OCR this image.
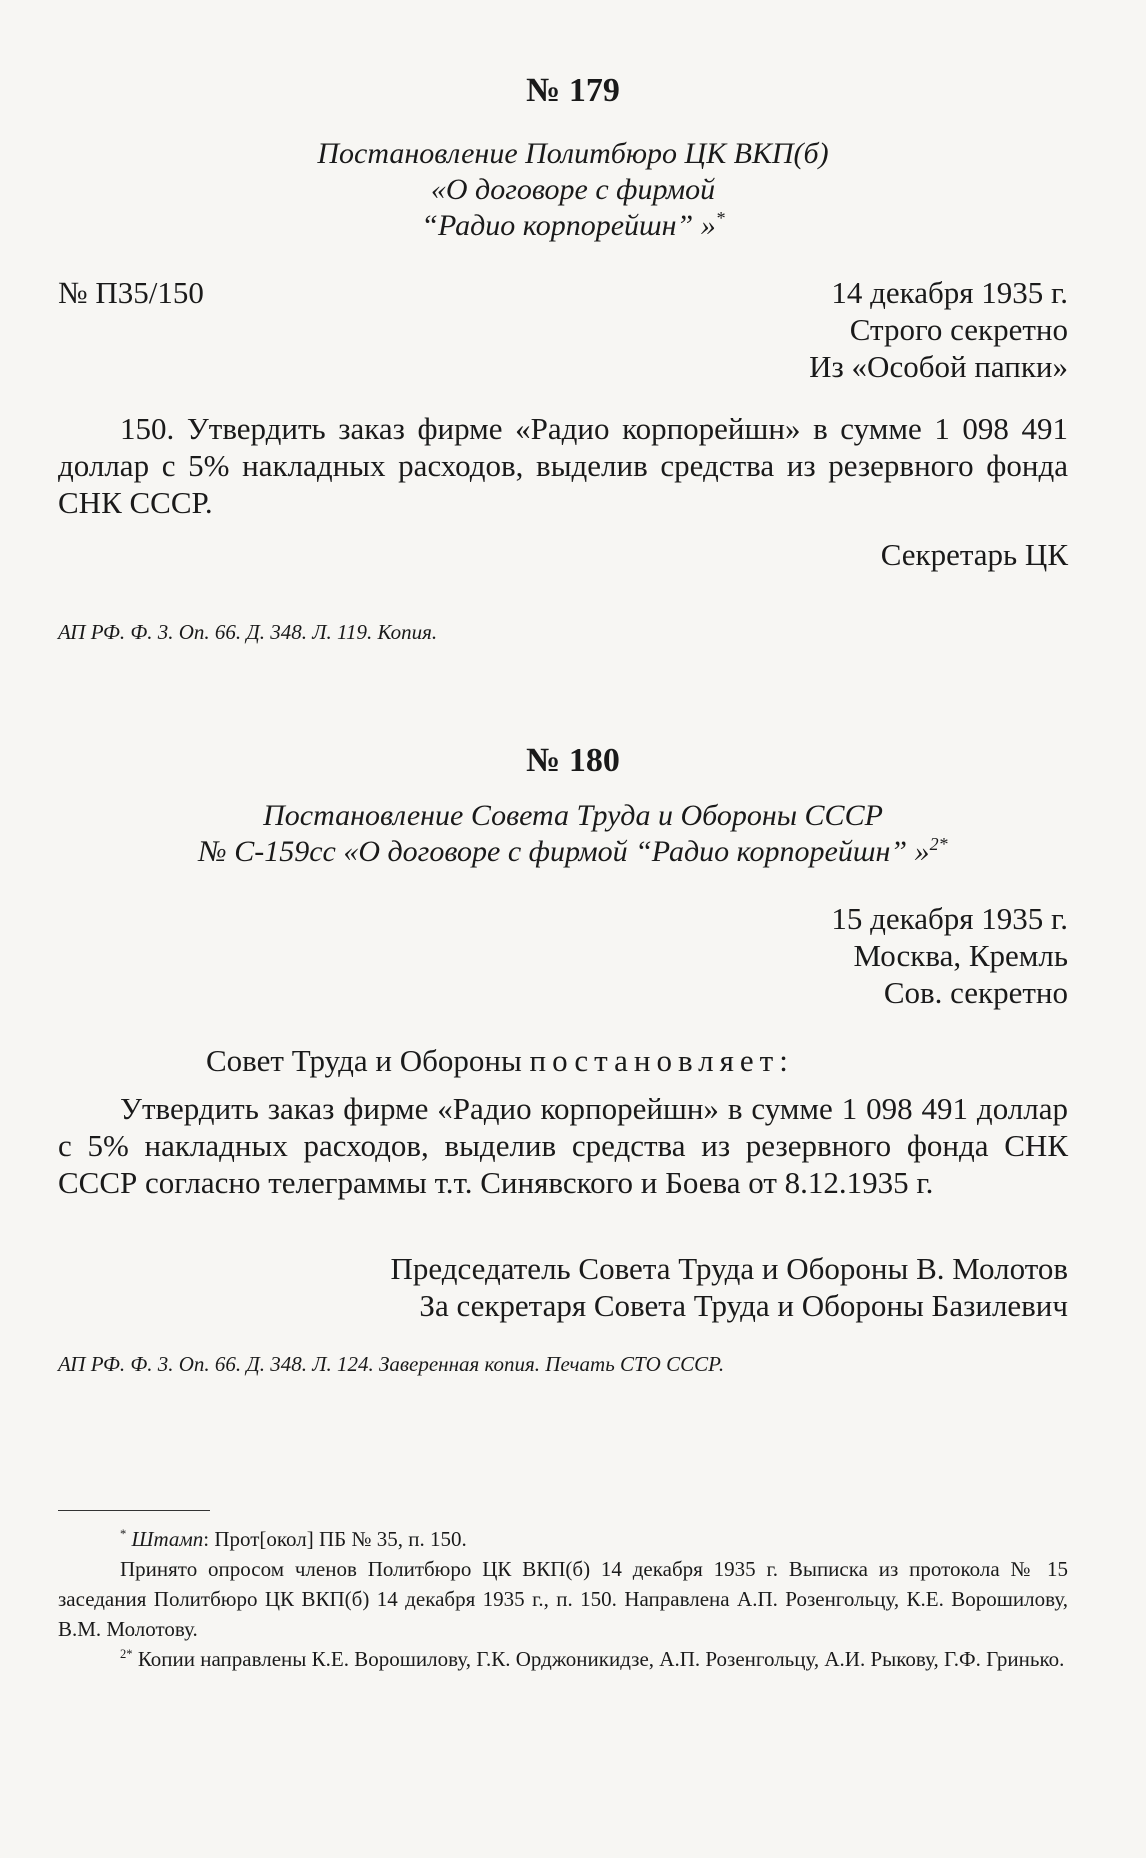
№ 179
Постановление Политбюро ЦК ВКП(б)
«О договоре с фирмой
“Радио корпорейшн” »*
№ П35/150	14 декабря 1935 г.
Строго секретно
Из «Особой папки»
150. Утвердить заказ фирме «Радио корпорейшн» в сумме 1 098 491 доллар с 5% накладных расходов, выделив средства из резервного фонда СНК СССР.
Секретарь ЦК
АП РФ. Ф. 3. Оп. 66. Д. 348. Л. 119. Копия.
№ 180
Постановление Совета Труда и Обороны СССР
№ С-159сс «О договоре с фирмой “Радио корпорейшн” »$^{2*}$
15 декабря 1935 г.
Москва, Кремль
Сов. секретно
Совет Труда и Обороны постановляет:
Утвердить заказ фирме «Радио корпорейшн» в сумме 1 098 491 доллар с 5% накладных расходов, выделив средства из резервного фонда СНК СССР согласно телеграммы т.т. Синявского и Боева от 8.12.1935 г.
Председатель Совета Труда и Обороны В. Молотов
За секретаря Совета Труда и Обороны Базилевич
АП РФ. Ф. 3. Оп. 66. Д. 348. Л. 124. Заверенная копия. Печать СТО СССР.
* Штамп: Прот[окол] ПБ № 35, п. 150.
Принято опросом членов Политбюро ЦК ВКП(б) 14 декабря 1935 г. Выписка из протокола № 15 заседания Политбюро ЦК ВКП(б) 14 декабря 1935 г., п. 150. Направлена А.П. Розенгольцу, К.Е. Ворошилову, В.М. Молотову.
$^{2*}$ Копии направлены К.Е. Ворошилову, Г.К. Орджоникидзе, А.П. Розенгольцу, А.И. Рыкову, Г.Ф. Гринько.
